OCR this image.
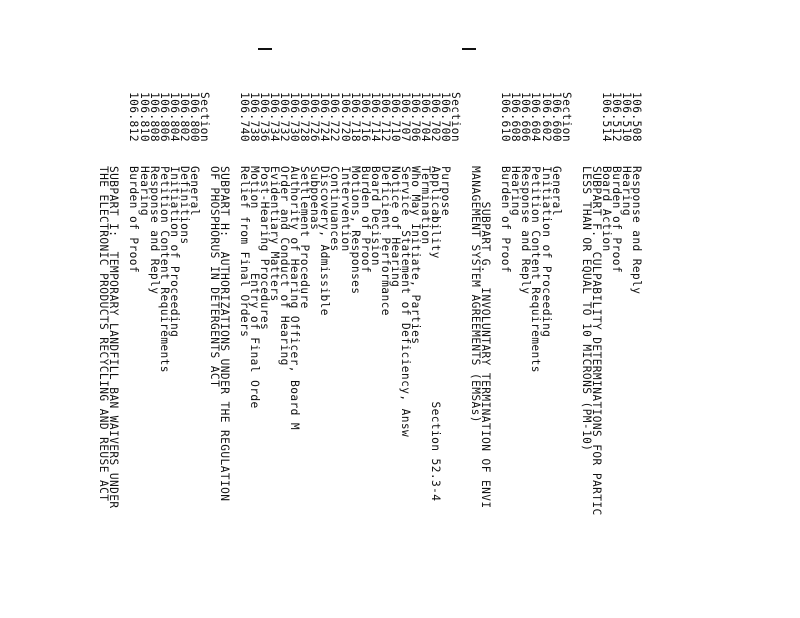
106.508Response and Reply
106.510Hearing
106.512Burden of Proof
106.514Board Action
SUBPART F.  CULPABILITY DETERMINATIONS FOR PARTIC
LESS THAN OR EQUAL TO 10 MICRONS (PM-10)
Section
106.600General
106.602Initiation of Proceeding
106.604Petition Content Requirements
106.606Response and Reply
106.608Hearing
106.610Burden of Proof
SUBPART G.  INVOLUNTARY TERMINATION OF ENVI
MANAGEMENT SYSTEM AGREEMENTS (EMSAs)
Section
106.700Purpose
106.702Applicability                    Section 52.3-4
106.704Termination
106.706Who May Initiate, Parties
106.707Service  Statement of Deficiency, Answ
106.710Notice of Hearing
106.712Deficient Performance
106.714Board Decision
106.716Burden of Proof
106.718Motions, Responses
106.720Intervention
106.722Continuances
106.724Discovery, Admissible
106.726Subpoenas
106.728Settlement Procedure
106.730Authority of Hearing Officer, Board M
106.732Order and Conduct of Hearing
106.734Evidentiary Matters
106.736Post-Hearing Procedures
106.738Motion         Entry of Final Orde
106.740Relief from Final Orders
SUBPART H:  AUTHORIZATIONS UNDER THE REGULATION
OF PHOSPHORUS IN DETERGENTS ACT
Section
106.800General
106.802Definitions
106.804Initiation of Proceeding
106.806Petition Content Requirements
106.808Response and Reply
106.810Hearing
106.812Burden of Proof
SUBPART I:  TEMPORARY LANDFILL BAN WAIVERS UNDER
THE ELECTRONIC PRODUCTS RECYCLING AND REUSE ACT
